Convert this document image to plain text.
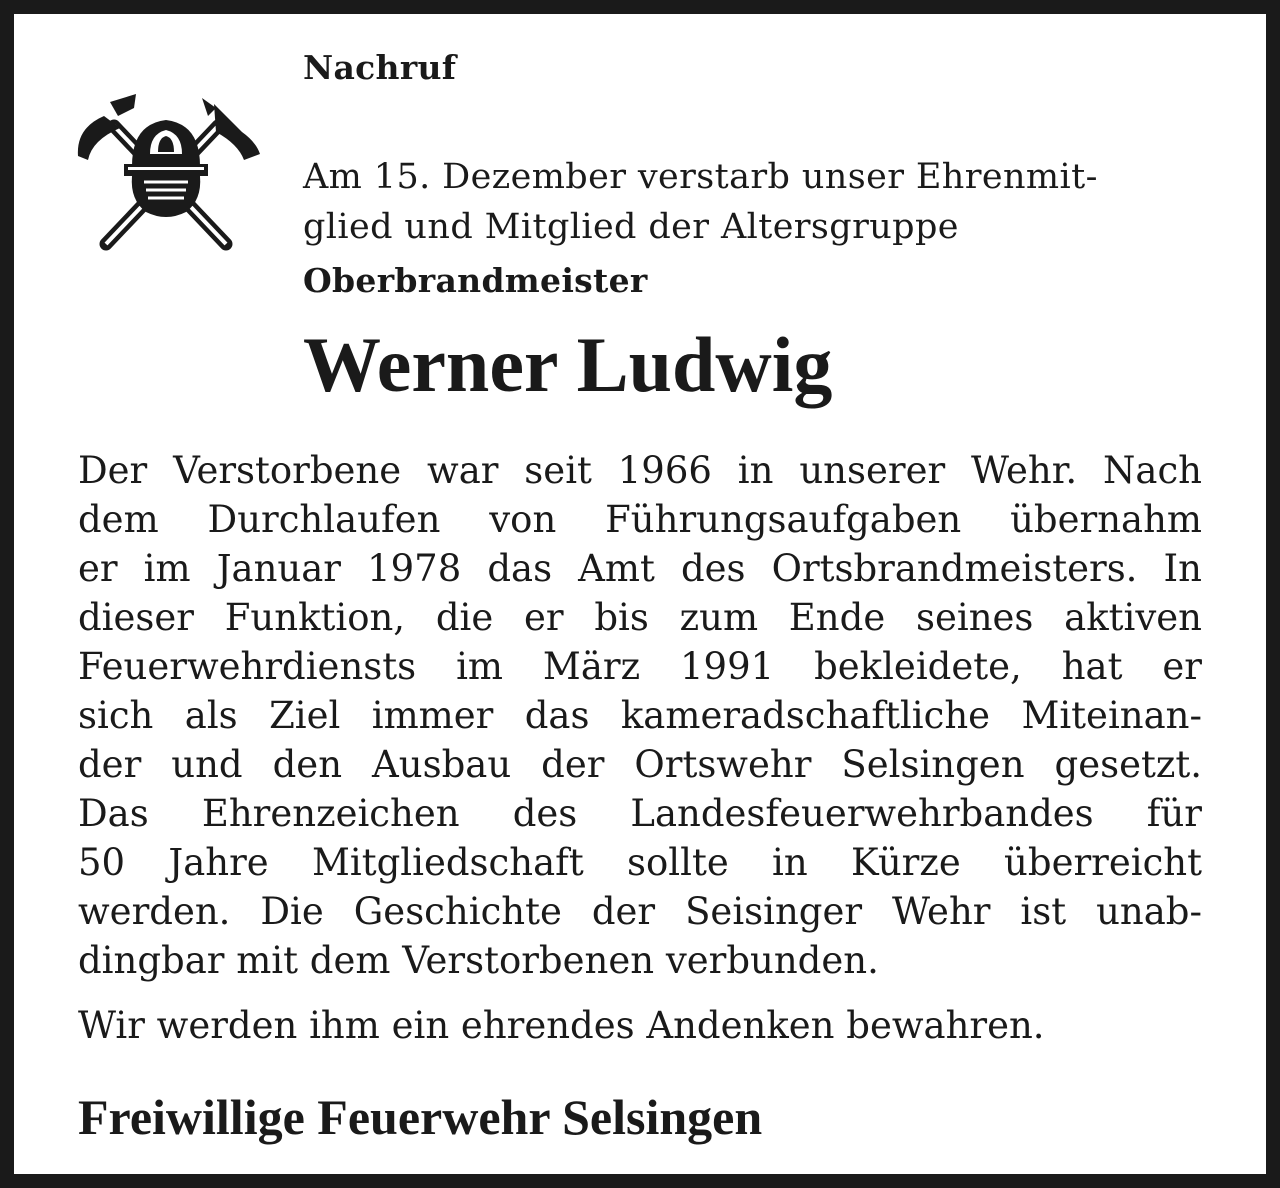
Nachruf

Am 15. Dezember verstarb unser Ehrenmit-
glied und Mitglied der Altersgruppe

Oberbrandmeister
Werner Ludwig

Der Verstorbene war seit 1966 in unserer Wehr. Nach
dem Durchlaufen von Führungsaufgaben übernahm
er im Januar 1978 das Amt des Ortsbrandmeisters. In
dieser Funktion, die er bis zum Ende seines aktiven
Feuerwehrdiensts im März 1991 bekleidete, hat er
sich als Ziel immer das kameradschaftliche Miteinan-
der und den Ausbau der Ortswehr Selsingen gesetzt.
Das Ehrenzeichen des Landesfeuerwehrbandes für
50 Jahre Mitgliedschaft sollte in Kürze überreicht
werden. Die Geschichte der Seisinger Wehr ist unab-
dingbar mit dem Verstorbenen verbunden.

Wir werden ihm ein ehrendes Andenken bewahren.
Freiwillige Feuerwehr Selsingen
